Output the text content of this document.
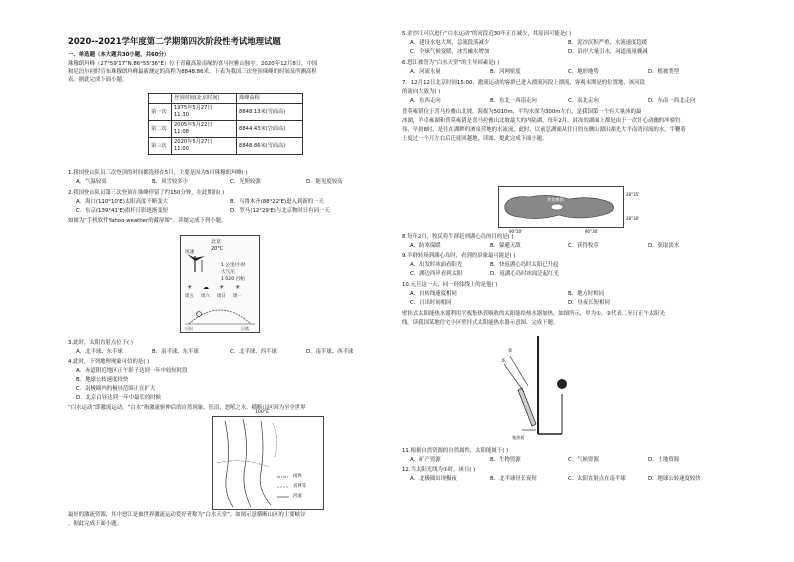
2020--2021学年度第二学期第四次阶段性考试地理试题
一、单选题（本大题共30小题，共60分）
珠穆朗玛峰（27°59'17"N,86°55'36"E）位于青藏高原南缘的喜马拉雅山脉中。2020年12月8日，中国
和尼泊尔同时宣布珠穆朗玛峰最新测定的高程为8848.86米。下表为我国三次登顶珠峰的时间及所测高程
表。据此完成下面小题。
	登顶时间(北京时间)	珠峰高程
第一次	1975年5月27日
11:30	8848.13米(雪面高)
第二次	2005年5月22日
11:08	8844.43米(岩面高)
第三次	2020年5月27日
11:00	8848.86米(雪面高)
1.我国登山队员三次登顶的时间都选择在5月，主要是因为5月珠穆朗玛峰( )
A．气温较高	B．风雪较多小	C．光照较强	D．能见度较高
2.我国登山队员第三次登顶在珠峰停留了约150分钟，在此期间( )
A．海口(110°10'E)太阳高度不断变大	B．乌鲁木齐(88°22'E)进入到新的一天
C．东京(139°41'E)旗杆日影逐渐变短	D．罗马(12°29'E)与北京物时日有同一天
如图为“手机软件Yahoo weather的截屏图”。读图完成下列小题。
北京
20°C
风速
1 公里/小时
大气压
1 020 百帕
☀ ☁ ☀ ☀
周五 周六 周日 周一
日出	日落
3.此时，太阳直射点位于( )
A．北半球、东半球	B．南半球、东半球	C．北半球、西半球	D．南半球、西半球
4.此时，下列地理现象可信的是( )
A．赤道附近地区正午影子达到一年中较短时段
B．地球公转速度较快
C．南极圈内的极昼范围正在扩大
D．北京白昼达到一年中最长的时候
“白水运动”即激流运动。“白水”指激流驱伸后的自然现象，狂浪、怒吼之水。横断山区因为至全世界
100°E
国界
省界等
河流
最好的激流资源，其中怒江是被世界激流运动爱好者称为“白水天堂”。如图示意横断山区的主要峡谷
。据此完成下面小题。
5.金沙江可以进行“白水运动”的河段近30年正在减少，其原因可能是( )
A．建设水电大坝，急流段落减少	B．泥沙沉积严重，水流速度趋缓
C．全球气候变暖，冰雪融水增加	D．沿岸大量引水，河道流量骤减
6.怒江被誉为“白水天堂”的主导因素是( )
A．河流水量	B．河网密度	C．地形地势	D．植被类型
7．12月12日北京时间15:00，激流运动的客群已进入漂流河段上漂流，客观末期是的位置地，该河段
的流向大致为( )
A．东西走向	B．东北一西南走向	C．南北走向	D．东南一西北走向
普莫雍错位于喜马拉雅山北坡，海拔为5010m，平均水深为300m左右，是我国第一个有大量冰的最
冰湖，羊卓雍湖和普莫雍错是喜马拉雅山北坡最大的内陆湖。每年2月，封冻的湖面上都是由于一次针心动幽的冲骑钓
伟，早晨8时，是往在湖畔的酒泉营地的水流流，此时，以前总湖面从往日的东侧山湖出湖光大平南湾河流的水，牛鞭着
上度过一个月左右后迁徒回越地，读图，提此完成下面小题。
普莫雍错
28°35'
28°30'
90°20'	90°30'
8.每年2月，牧民将牛群赶到湖心岛的目的是( )
A．防寒保暖	B．躲避天敌	C．获得牧草	D．获取淡水
9.羊群转场到湖心岛时，看到的景象最可能是( )
A．出发时冰面看阳光	B．快返湖心岛时太阳已升起
C．湖边西岸看到太阳	D．返湖心岛时冰面泛起红光
10.元旦这一天，同一经纬线上的是他( )
A．自转线速度相同	B．地方时相同
C．日出时间相同	D．昼夜长短相同
壁挂式太阳能热水器利用平板集热管吸收的太阳能给热水器加热。如图所示，甲为①、②代表二至日正午太阳光
线。读我国某地住宅小区壁挂式太阳能热水器示意图，完成下题。
①
②
集热板
11.根据自然资源的自然属性，太阳能属于( )
A．矿产资源	B．生物资源	C．气候资源	D．土地资源
12.当太阳光线为①时，该日( )
A．北极圈出现极夜	B．北半球昼长夜短	C．太阳直射点在南半球	D．地球公转速度较快
